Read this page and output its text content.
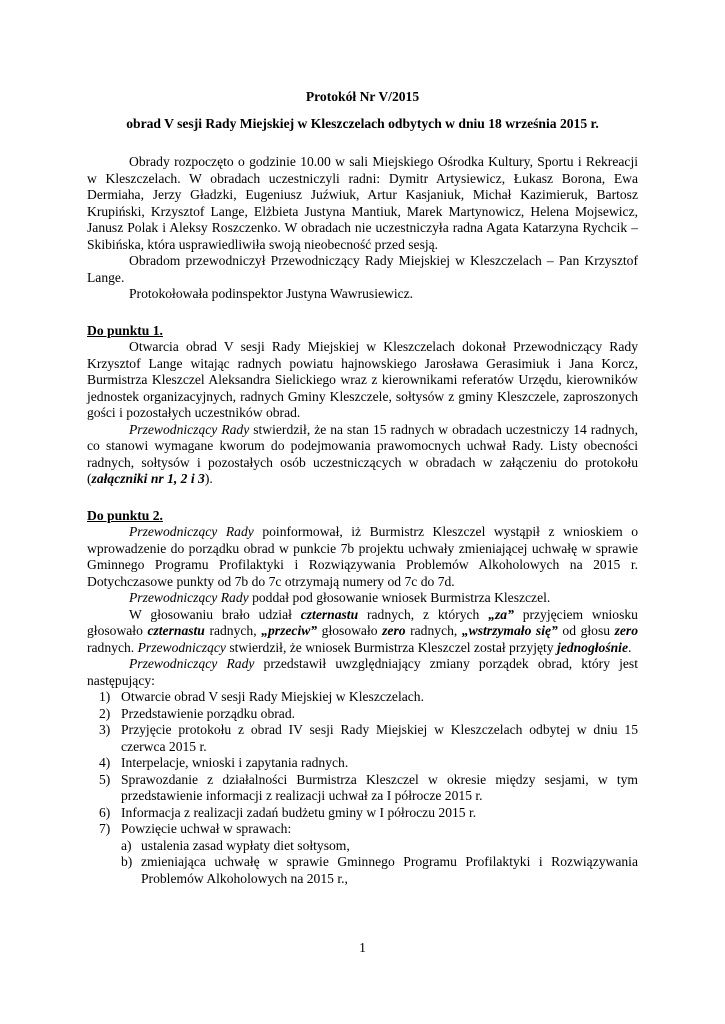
Protokół Nr V/2015
obrad V sesji Rady Miejskiej w Kleszczelach odbytych w dniu 18 września 2015 r.

Obrady rozpoczęto o godzinie 10.00 w sali Miejskiego Ośrodka Kultury, Sportu i Rekreacji w Kleszczelach. W obradach uczestniczyli radni: Dymitr Artysiewicz, Łukasz Borona, Ewa Dermiaha, Jerzy Gładzki, Eugeniusz Juźwiuk, Artur Kasjaniuk, Michał Kazimieruk, Bartosz Krupiński, Krzysztof Lange, Elżbieta Justyna Mantiuk, Marek Martynowicz, Helena Mojsewicz, Janusz Polak i Aleksy Roszczenko. W obradach nie uczestniczyła radna Agata Katarzyna Rychcik – Skibińska, która usprawiedliwiła swoją nieobecność przed sesją.

Obradom przewodniczył Przewodniczący Rady Miejskiej w Kleszczelach – Pan Krzysztof Lange.

Protokołowała podinspektor Justyna Wawrusiewicz.

Do punktu 1.

Otwarcia obrad V sesji Rady Miejskiej w Kleszczelach dokonał Przewodniczący Rady Krzysztof Lange witając radnych powiatu hajnowskiego Jarosława Gerasimiuk i Jana Korcz, Burmistrza Kleszczel Aleksandra Sielickiego wraz z kierownikami referatów Urzędu, kierowników jednostek organizacyjnych, radnych Gminy Kleszczele, sołtysów z gminy Kleszczele, zaproszonych gości i pozostałych uczestników obrad.

Przewodniczący Rady stwierdził, że na stan 15 radnych w obradach uczestniczy 14 radnych, co stanowi wymagane kworum do podejmowania prawomocnych uchwał Rady. Listy obecności radnych, sołtysów i pozostałych osób uczestniczących w obradach w załączeniu do protokołu (załączniki nr 1, 2 i 3).

Do punktu 2.

Przewodniczący Rady poinformował, iż Burmistrz Kleszczel wystąpił z wnioskiem o wprowadzenie do porządku obrad w punkcie 7b projektu uchwały zmieniającej uchwałę w sprawie Gminnego Programu Profilaktyki i Rozwiązywania Problemów Alkoholowych na 2015 r. Dotychczasowe punkty od 7b do 7c otrzymają numery od 7c do 7d.

Przewodniczący Rady poddał pod głosowanie wniosek Burmistrza Kleszczel.

W głosowaniu brało udział czternastu radnych, z których „za” przyjęciem wniosku głosowało czternastu radnych, „przeciw” głosowało zero radnych, „wstrzymało się” od głosu zero radnych. Przewodniczący stwierdził, że wniosek Burmistrza Kleszczel został przyjęty jednogłośnie.

Przewodniczący Rady przedstawił uwzględniający zmiany porządek obrad, który jest następujący:

1) Otwarcie obrad V sesji Rady Miejskiej w Kleszczelach.
2) Przedstawienie porządku obrad.
3) Przyjęcie protokołu z obrad IV sesji Rady Miejskiej w Kleszczelach odbytej w dniu 15 czerwca 2015 r.
4) Interpelacje, wnioski i zapytania radnych.
5) Sprawozdanie z działalności Burmistrza Kleszczel w okresie między sesjami, w tym przedstawienie informacji z realizacji uchwał za I półrocze 2015 r.
6) Informacja z realizacji zadań budżetu gminy w I półroczu 2015 r.
7) Powzięcie uchwał w sprawach:
a) ustalenia zasad wypłaty diet sołtysom,
b) zmieniająca uchwałę w sprawie Gminnego Programu Profilaktyki i Rozwiązywania Problemów Alkoholowych na 2015 r.,
1
